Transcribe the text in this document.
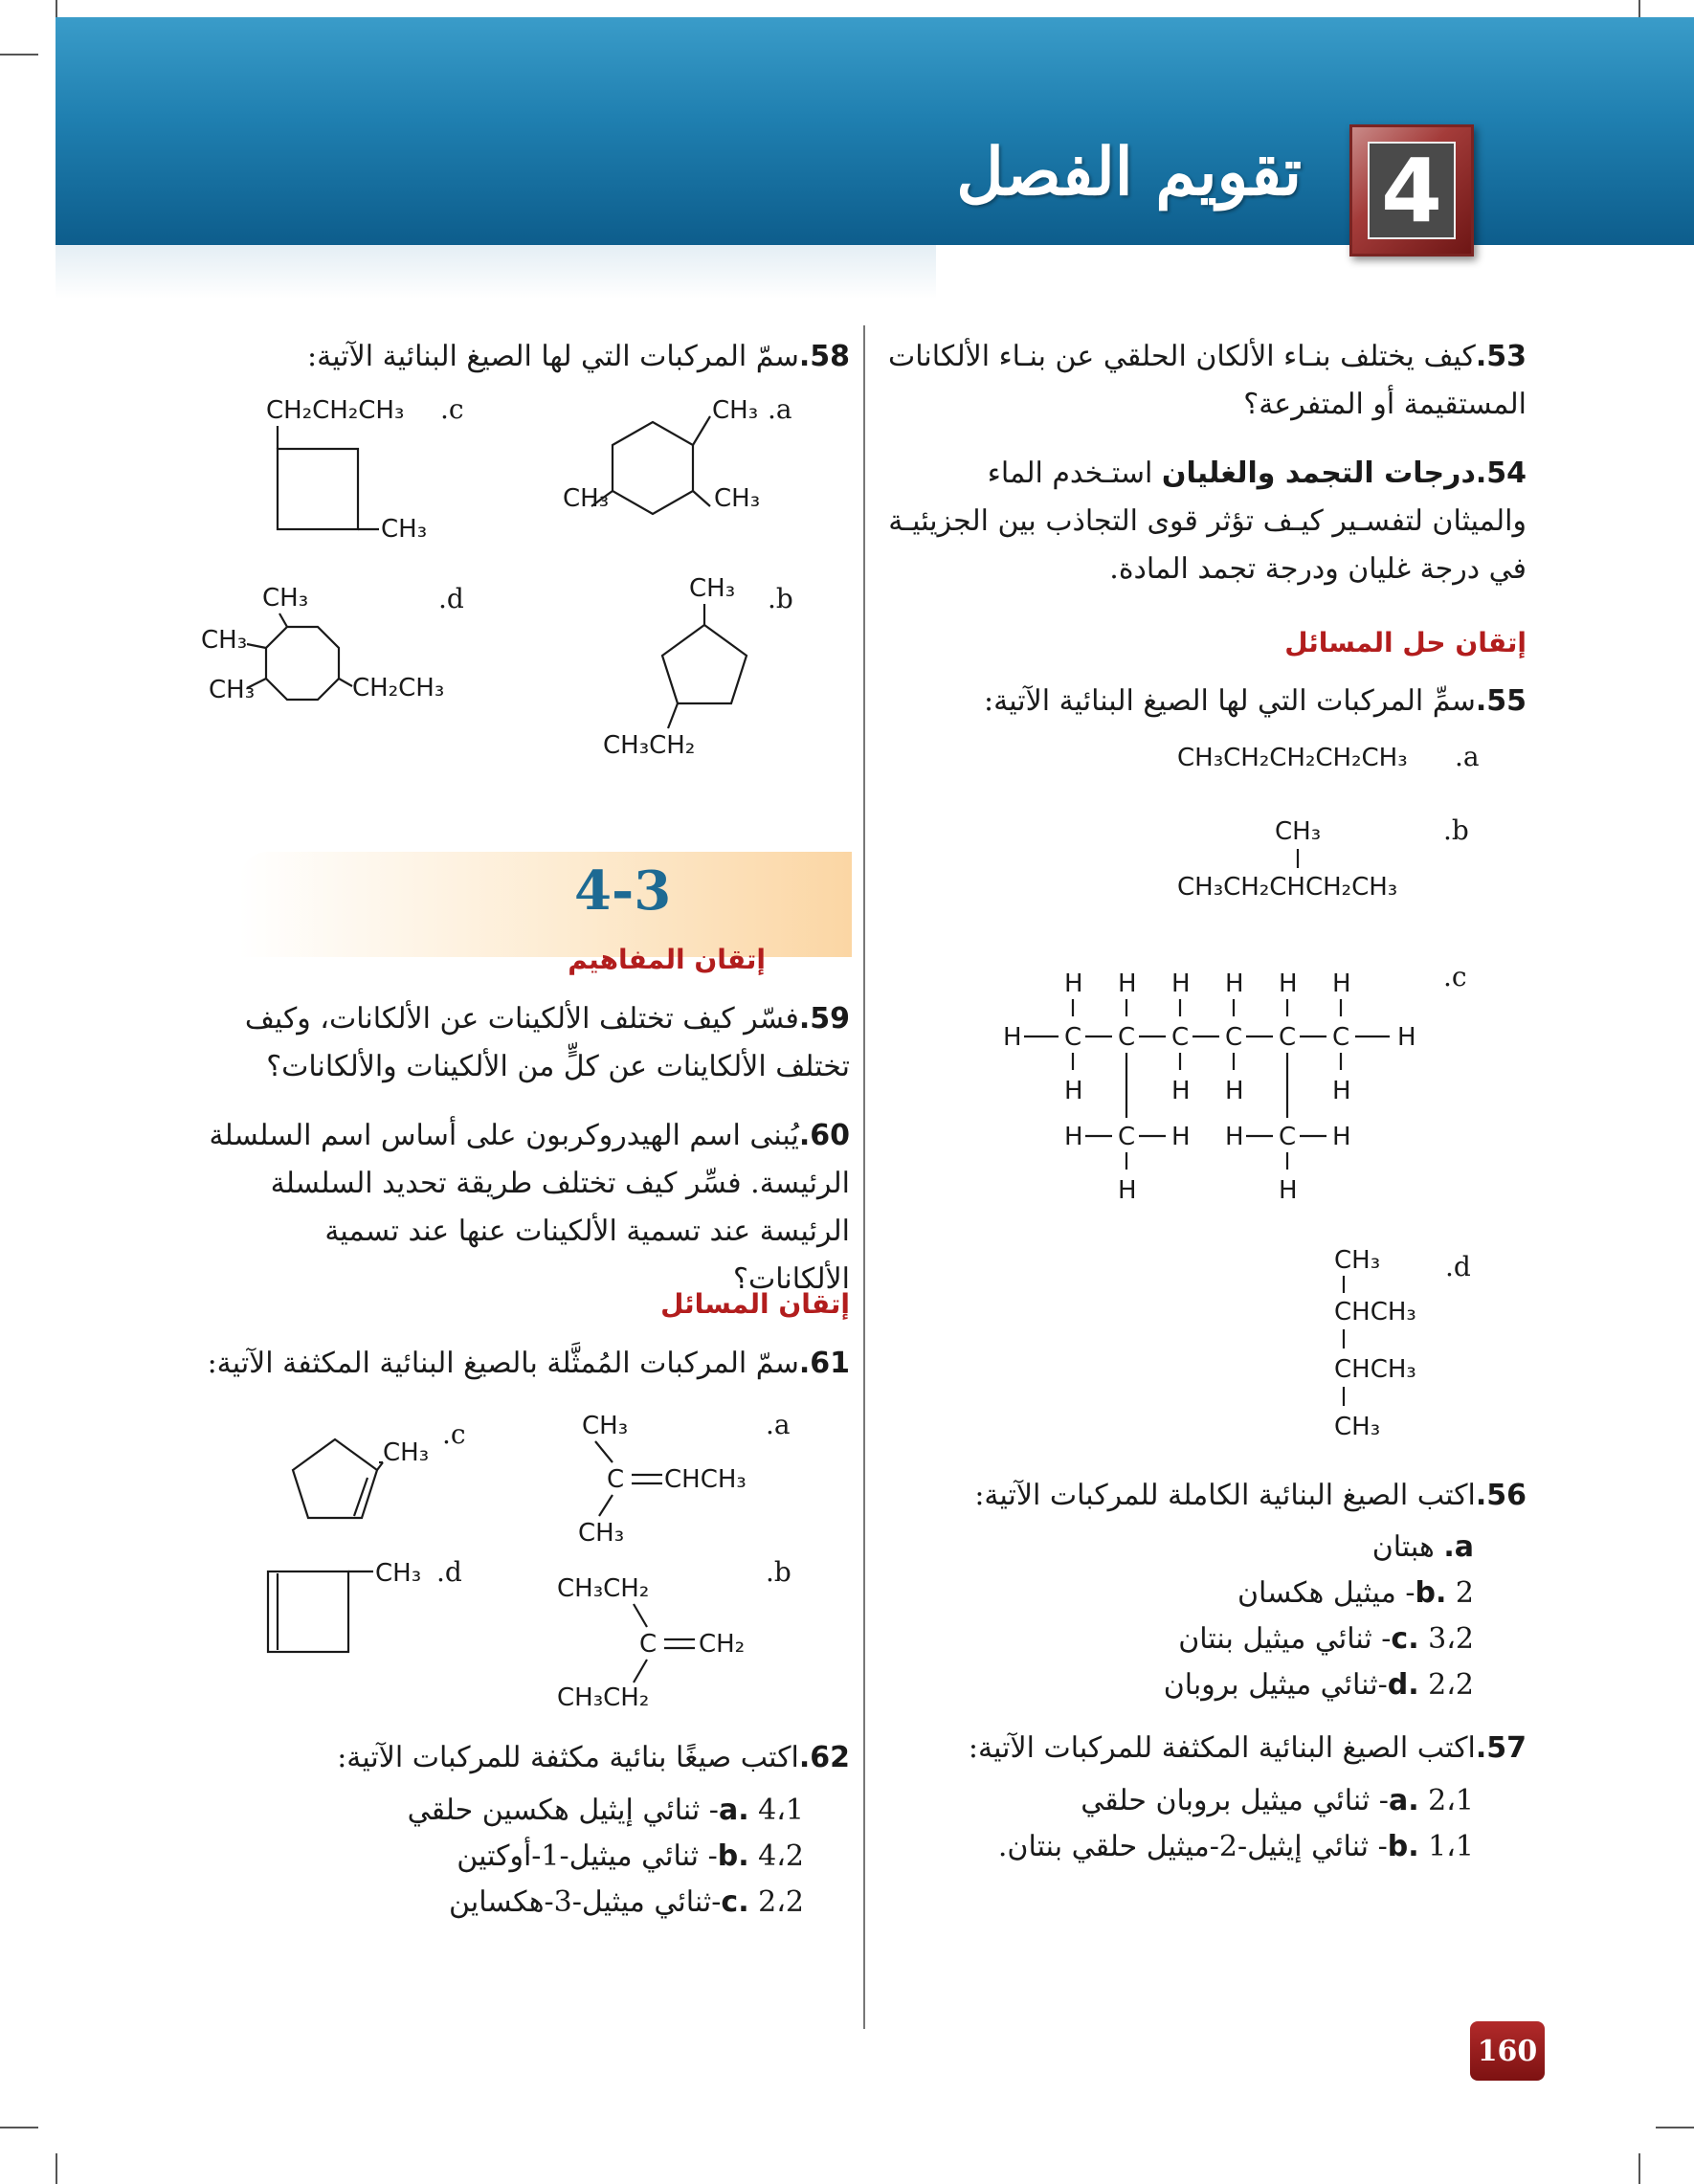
تقويم الفصل 4
53.كيف يختلف بنـاء الألكان الحلقي عن بنـاء الألكانات المستقيمة أو المتفرعة؟
54.درجات التجمد والغليان استـخدم الماء والميثان لتفسـير كيـف تؤثر قوى التجاذب بين الجزيئيـة في درجة غليان ودرجة تجمد المادة.
إتقان حل المسائل
55.سمِّ المركبات التي لها الصيغ البنائية الآتية:
CH₃CH₂CH₂CH₂CH₃ .a
CH₃
CH₃CH₂CHCH₂CH₃
.b
.c
H H H H H H
H C C C C C C H
H	H H	H
H C H H C H
H	H
.d
CH₃
CHCH₃
CHCH₃
CH₃
56.اكتب الصيغ البنائية الكاملة للمركبات الآتية:
a. هبتان
b. 2- ميثيل هكسان
c. 3،2- ثنائي ميثيل بنتان
d. 2،2-ثنائي ميثيل بروبان
57.اكتب الصيغ البنائية المكثفة للمركبات الآتية:
a. 2،1- ثنائي ميثيل بروبان حلقي
b. 1،1- ثنائي إيثيل-2-ميثيل حلقي بنتان.
58.سمّ المركبات التي لها الصيغ البنائية الآتية:
CH₃ .a
CH₃	CH₃
CH₂CH₂CH₃ .c
CH₃
CH₃ .b
CH₃CH₂
.d
CH₃
CH₃
CH₃	CH₂CH₃
4-3
إتقان المفاهيم
59.فسّر كيف تختلف الألكينات عن الألكانات، وكيف تختلف الألكاينات عن كلٍّ من الألكينات والألكانات؟
60.يُبنى اسم الهيدروكربون على أساس اسم السلسلة الرئيسة. فسِّر كيف تختلف طريقة تحديد السلسلة الرئيسة عند تسمية الألكينات عنها عند تسمية الألكانات؟
إتقان المسائل
61.سمّ المركبات المُمثَّلة بالصيغ البنائية المكثفة الآتية:
.a
CH₃
C CHCH₃
CH₃
CH₃
.c
.b
CH₃CH₂
C CH₂
CH₃CH₂
CH₃ .d
62.اكتب صيغًا بنائية مكثفة للمركبات الآتية:
a. 4،1- ثنائي إيثيل هكسين حلقي
b. 4،2- ثنائي ميثيل-1-أوكتين
c. 2،2-ثنائي ميثيل-3-هكساين
160
